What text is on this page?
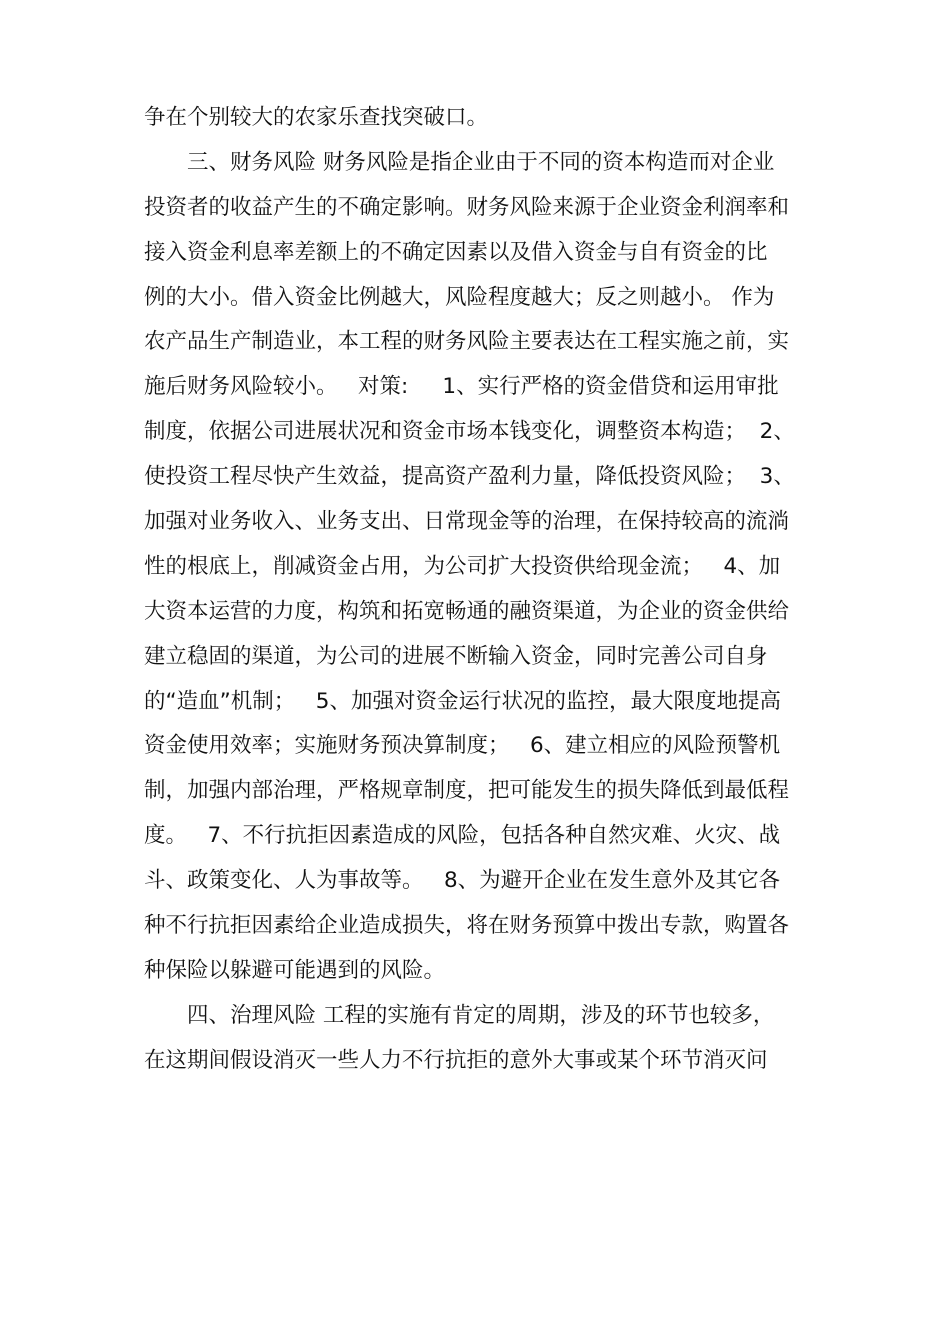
争在个别较大的农家乐查找突破口。
　　三、财务风险 财务风险是指企业由于不同的资本构造而对企业
投资者的收益产生的不确定影响。财务风险来源于企业资金利润率和
接入资金利息率差额上的不确定因素以及借入资金与自有资金的比
例的大小。借入资金比例越大，风险程度越大；反之则越小。 作为
农产品生产制造业，本工程的财务风险主要表达在工程实施之前，实
施后财务风险较小。   对策:     1、实行严格的资金借贷和运用审批
制度，依据公司进展状况和资金市场本钱变化，调整资本构造；  2、
使投资工程尽快产生效益，提高资产盈利力量，降低投资风险；  3、
加强对业务收入、业务支出、日常现金等的治理，在保持较高的流淌
性的根底上，削减资金占用，为公司扩大投资供给现金流；   4、加
大资本运营的力度，构筑和拓宽畅通的融资渠道，为企业的资金供给
建立稳固的渠道，为公司的进展不断输入资金，同时完善公司自身
的“造血”机制；   5、加强对资金运行状况的监控，最大限度地提高
资金使用效率；实施财务预决算制度；   6、建立相应的风险预警机
制，加强内部治理，严格规章制度，把可能发生的损失降低到最低程
度。   7、不行抗拒因素造成的风险，包括各种自然灾难、火灾、战
斗、政策变化、人为事故等。   8、为避开企业在发生意外及其它各
种不行抗拒因素给企业造成损失，将在财务预算中拨出专款，购置各
种保险以躲避可能遇到的风险。
　　四、治理风险 工程的实施有肯定的周期，涉及的环节也较多，
在这期间假设消灭一些人力不行抗拒的意外大事或某个环节消灭问
